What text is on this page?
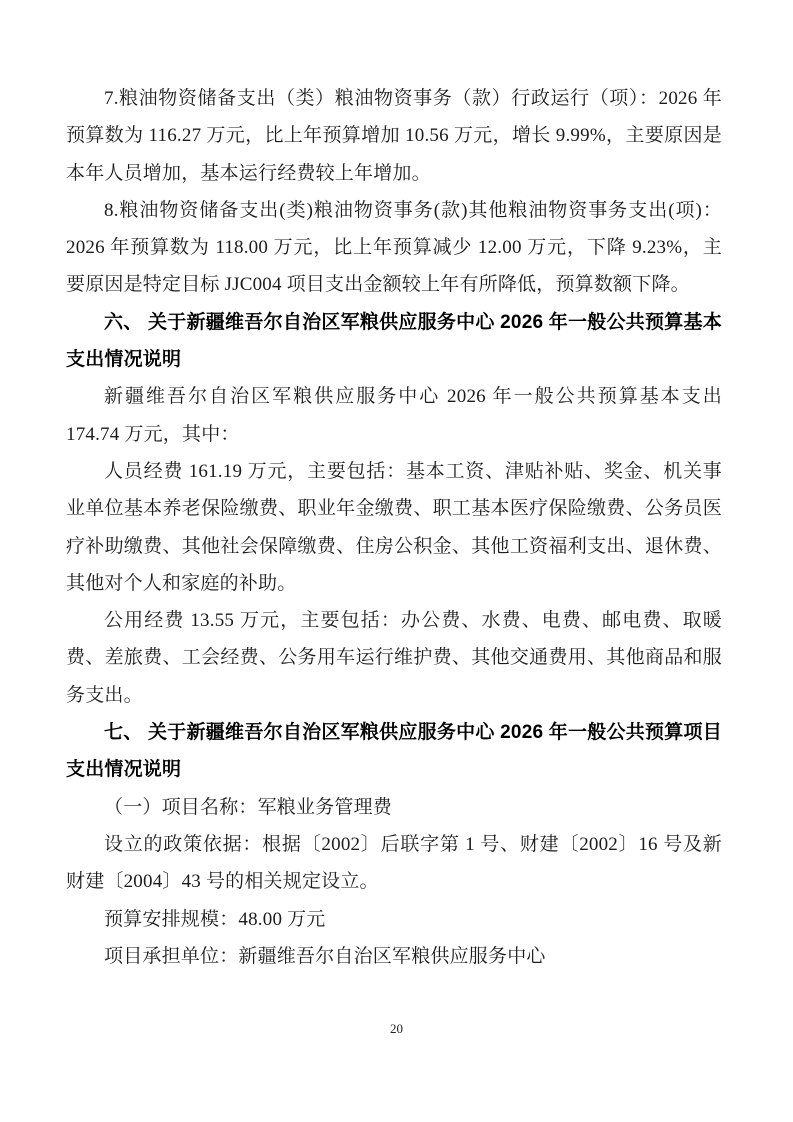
7.粮油物资储备支出（类）粮油物资事务（款）行政运行（项）：2026 年预算数为 116.27 万元，比上年预算增加 10.56 万元，增长 9.99%，主要原因是本年人员增加，基本运行经费较上年增加。

8.粮油物资储备支出(类)粮油物资事务(款)其他粮油物资事务支出(项)：2026 年预算数为 118.00 万元，比上年预算减少 12.00 万元，下降 9.23%，主要原因是特定目标 JJC004 项目支出金额较上年有所降低，预算数额下降。

六、 关于新疆维吾尔自治区军粮供应服务中心 2026 年一般公共预算基本支出情况说明

新疆维吾尔自治区军粮供应服务中心 2026 年一般公共预算基本支出 174.74 万元，其中：

人员经费 161.19 万元，主要包括：基本工资、津贴补贴、奖金、机关事业单位基本养老保险缴费、职业年金缴费、职工基本医疗保险缴费、公务员医疗补助缴费、其他社会保障缴费、住房公积金、其他工资福利支出、退休费、其他对个人和家庭的补助。

公用经费 13.55 万元，主要包括：办公费、水费、电费、邮电费、取暖费、差旅费、工会经费、公务用车运行维护费、其他交通费用、其他商品和服务支出。

七、 关于新疆维吾尔自治区军粮供应服务中心 2026 年一般公共预算项目支出情况说明

（一）项目名称：军粮业务管理费

设立的政策依据：根据〔2002〕后联字第 1 号、财建〔2002〕16 号及新财建〔2004〕43 号的相关规定设立。

预算安排规模：48.00 万元

项目承担单位：新疆维吾尔自治区军粮供应服务中心

20
